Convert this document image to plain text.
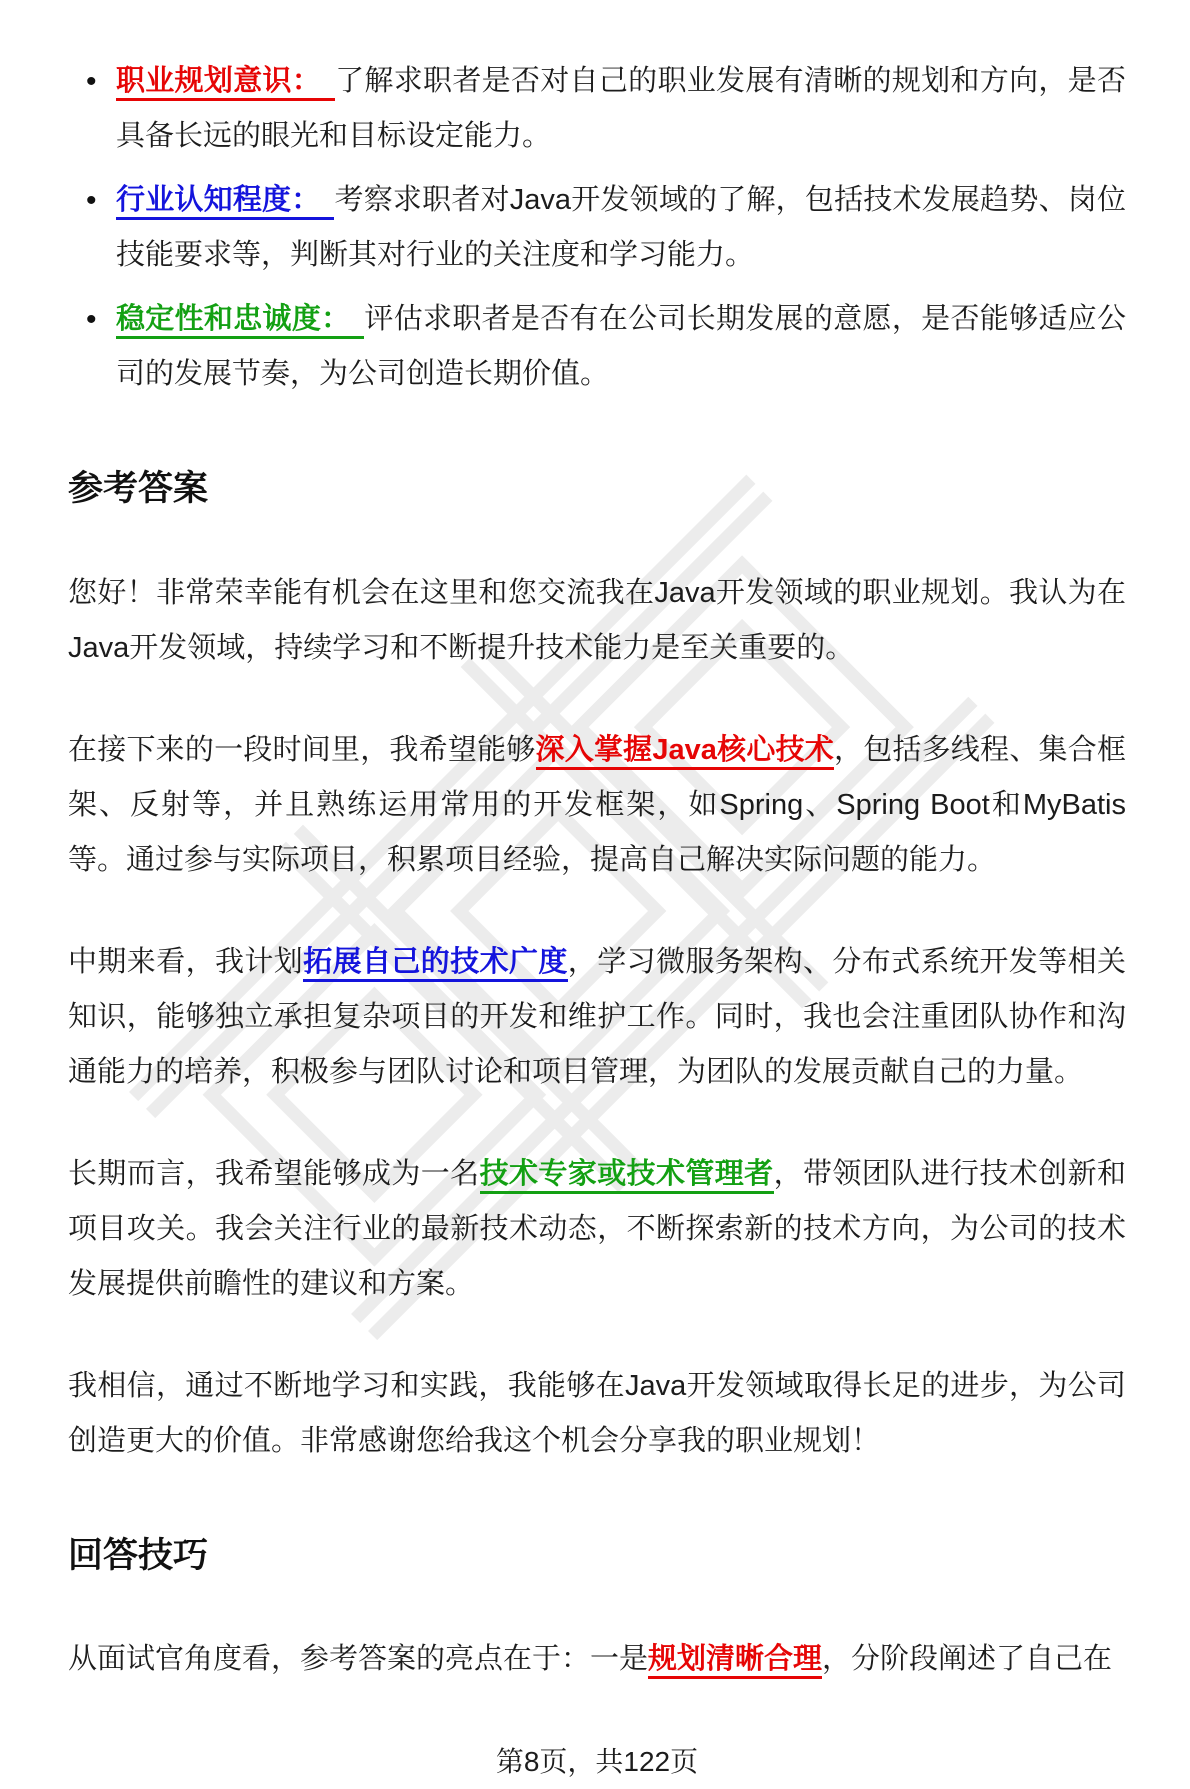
• 职业规划意识： 了解求职者是否对自己的职业发展有清晰的规划和方向，是否具备长远的眼光和目标设定能力。
• 行业认知程度： 考察求职者对Java开发领域的了解，包括技术发展趋势、岗位技能要求等，判断其对行业的关注度和学习能力。
• 稳定性和忠诚度： 评估求职者是否有在公司长期发展的意愿，是否能够适应公司的发展节奏，为公司创造长期价值。
参考答案

您好！非常荣幸能有机会在这里和您交流我在Java开发领域的职业规划。我认为在Java开发领域，持续学习和不断提升技术能力是至关重要的。

在接下来的一段时间里，我希望能够深入掌握Java核心技术，包括多线程、集合框架、反射等，并且熟练运用常用的开发框架，如Spring、Spring Boot和MyBatis等。通过参与实际项目，积累项目经验，提高自己解决实际问题的能力。

中期来看，我计划拓展自己的技术广度，学习微服务架构、分布式系统开发等相关知识，能够独立承担复杂项目的开发和维护工作。同时，我也会注重团队协作和沟通能力的培养，积极参与团队讨论和项目管理，为团队的发展贡献自己的力量。

长期而言，我希望能够成为一名技术专家或技术管理者，带领团队进行技术创新和项目攻关。我会关注行业的最新技术动态，不断探索新的技术方向，为公司的技术发展提供前瞻性的建议和方案。

我相信，通过不断地学习和实践，我能够在Java开发领域取得长足的进步，为公司创造更大的价值。非常感谢您给我这个机会分享我的职业规划！

回答技巧

从面试官角度看，参考答案的亮点在于：一是规划清晰合理，分阶段阐述了自己在

第8页，共122页
